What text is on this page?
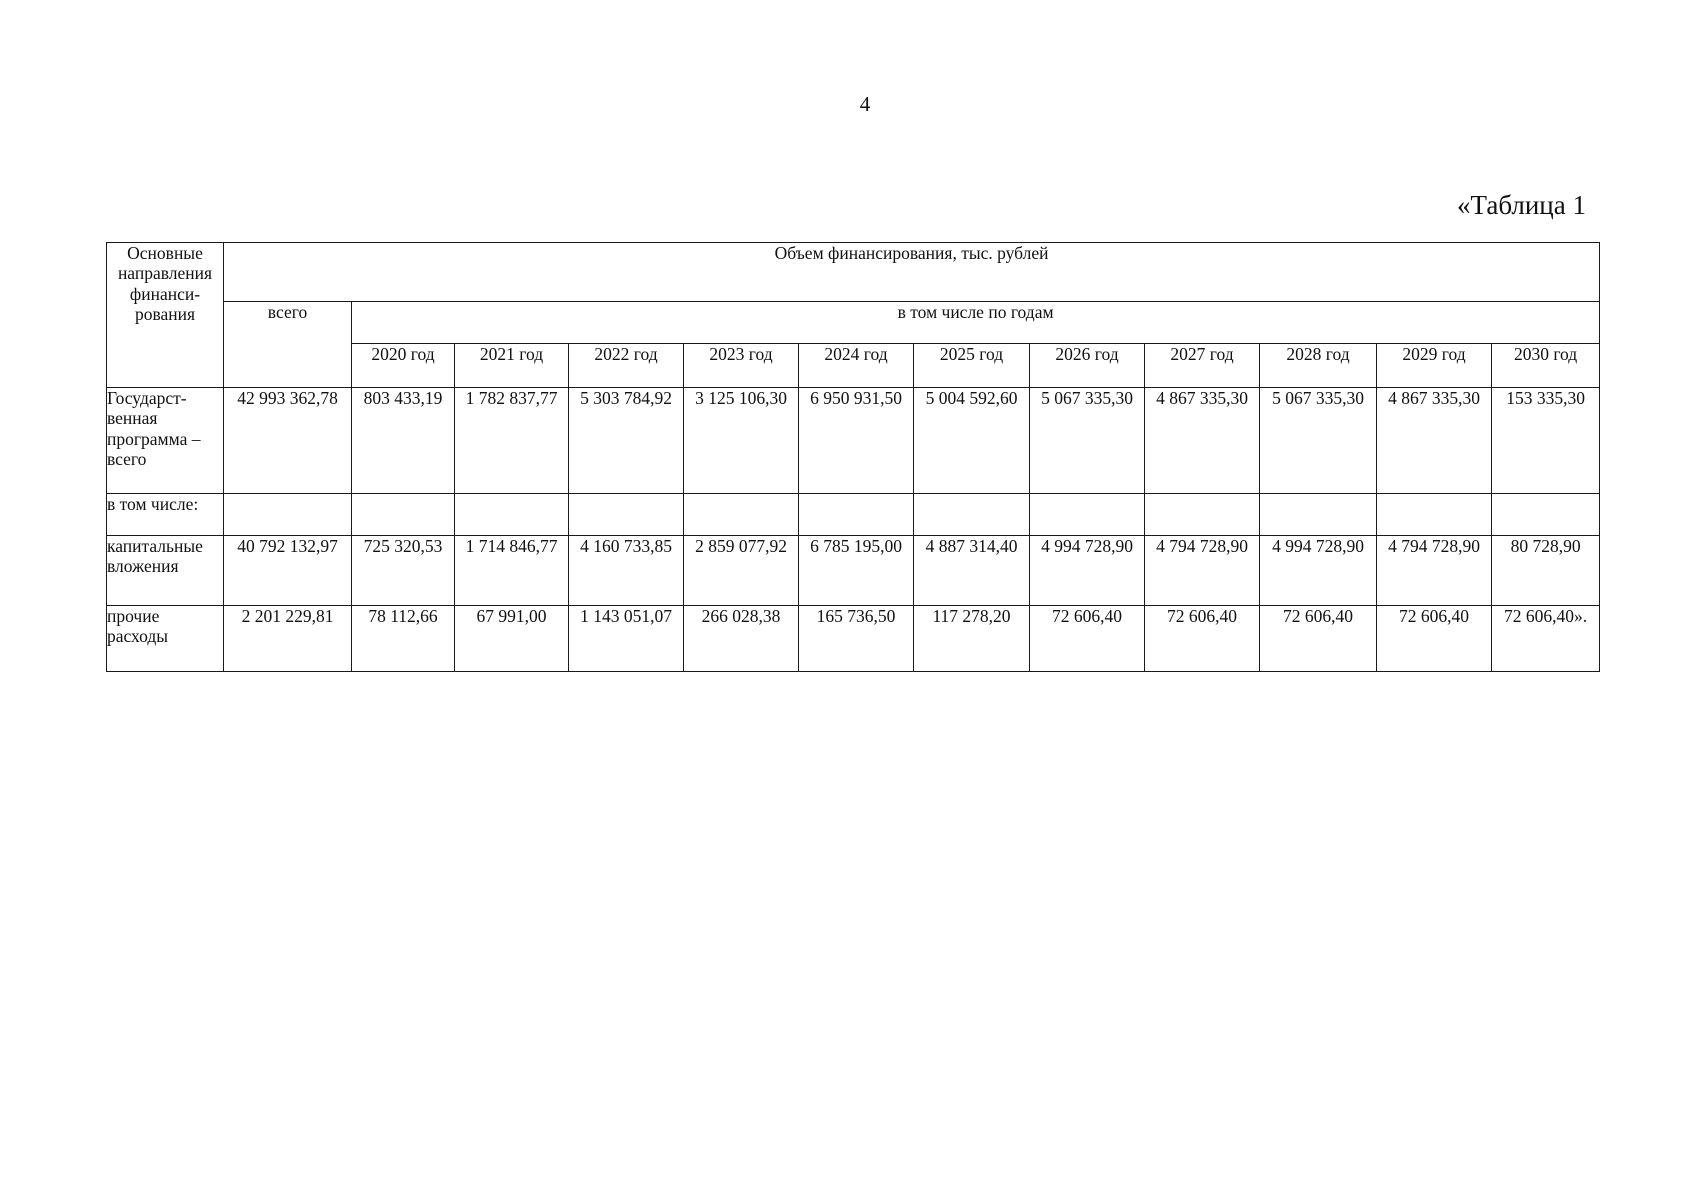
4
«Таблица 1
Основные направления финанси-рования	Объем финансирования, тыс. рублей											
	всего	в том числе по годам										
		2020 год	2021 год	2022 год	2023 год	2024 год	2025 год	2026 год	2027 год	2028 год	2029 год	2030 год
Государст-венная программа – всего	42 993 362,78	803 433,19	1 782 837,77	5 303 784,92	3 125 106,30	6 950 931,50	5 004 592,60	5 067 335,30	4 867 335,30	5 067 335,30	4 867 335,30	153 335,30
в том числе:												
капитальные вложения	40 792 132,97	725 320,53	1 714 846,77	4 160 733,85	2 859 077,92	6 785 195,00	4 887 314,40	4 994 728,90	4 794 728,90	4 994 728,90	4 794 728,90	80 728,90
прочие расходы	2 201 229,81	78 112,66	67 991,00	1 143 051,07	266 028,38	165 736,50	117 278,20	72 606,40	72 606,40	72 606,40	72 606,40	72 606,40».
